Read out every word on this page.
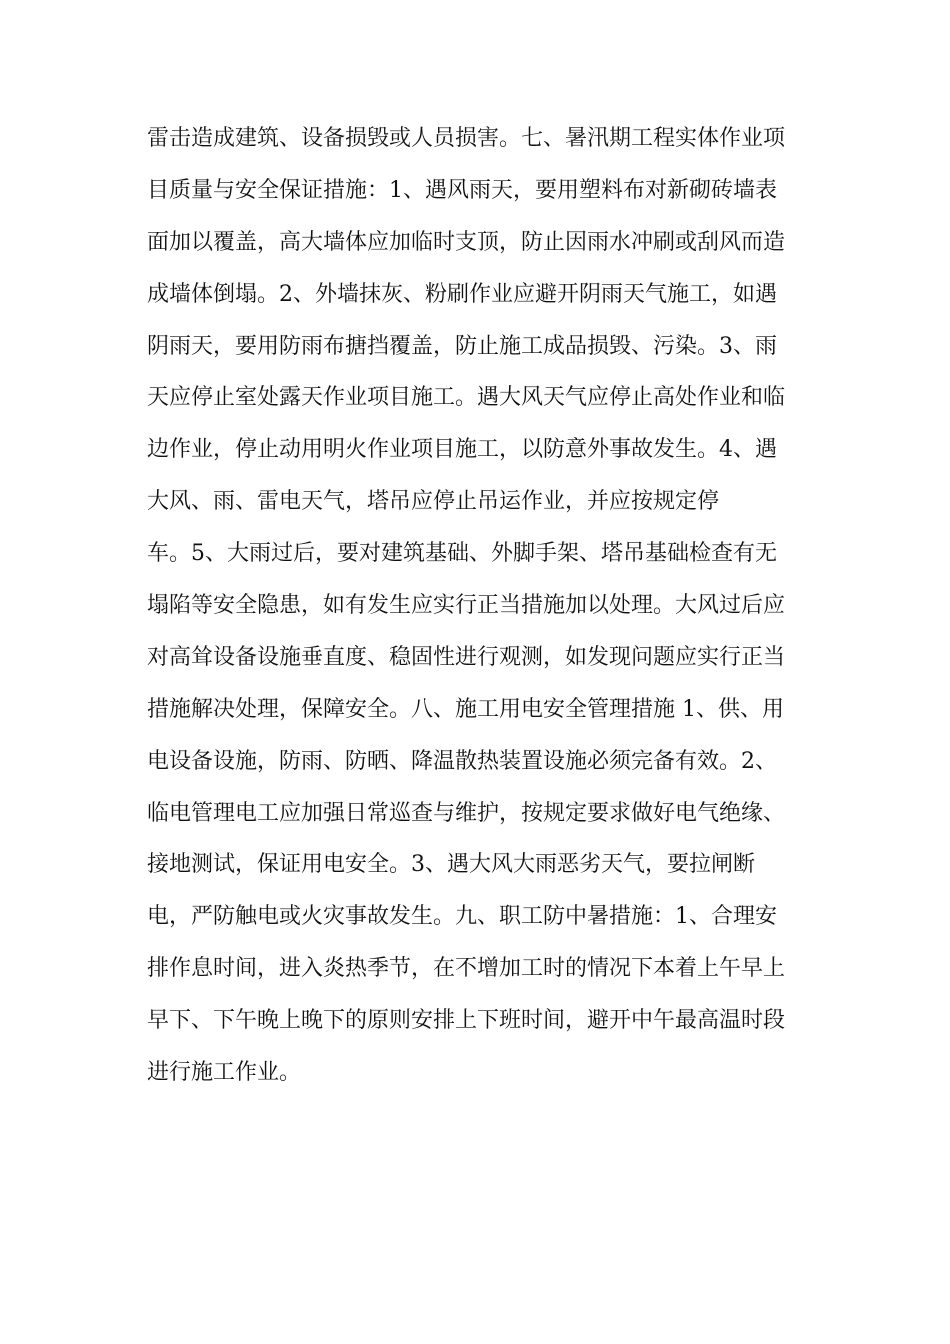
雷击造成建筑、设备损毁或人员损害。七、暑汛期工程实体作业项
目质量与安全保证措施：1、遇风雨天，要用塑料布对新砌砖墙表
面加以覆盖，高大墙体应加临时支顶，防止因雨水冲刷或刮风而造
成墙体倒塌。2、外墙抹灰、粉刷作业应避开阴雨天气施工，如遇
阴雨天，要用防雨布搪挡覆盖，防止施工成品损毁、污染。3、雨
天应停止室处露天作业项目施工。遇大风天气应停止高处作业和临
边作业，停止动用明火作业项目施工，以防意外事故发生。4、遇
大风、雨、雷电天气，塔吊应停止吊运作业，并应按规定停
车。5、大雨过后，要对建筑基础、外脚手架、塔吊基础检查有无
塌陷等安全隐患，如有发生应实行正当措施加以处理。大风过后应
对高耸设备设施垂直度、稳固性进行观测，如发现问题应实行正当
措施解决处理，保障安全。八、施工用电安全管理措施 1、供、用
电设备设施，防雨、防晒、降温散热装置设施必须完备有效。2、
临电管理电工应加强日常巡查与维护，按规定要求做好电气绝缘、
接地测试，保证用电安全。3、遇大风大雨恶劣天气，要拉闸断
电，严防触电或火灾事故发生。九、职工防中暑措施：1、合理安
排作息时间，进入炎热季节，在不增加工时的情况下本着上午早上
早下、下午晚上晚下的原则安排上下班时间，避开中午最高温时段
进行施工作业。
